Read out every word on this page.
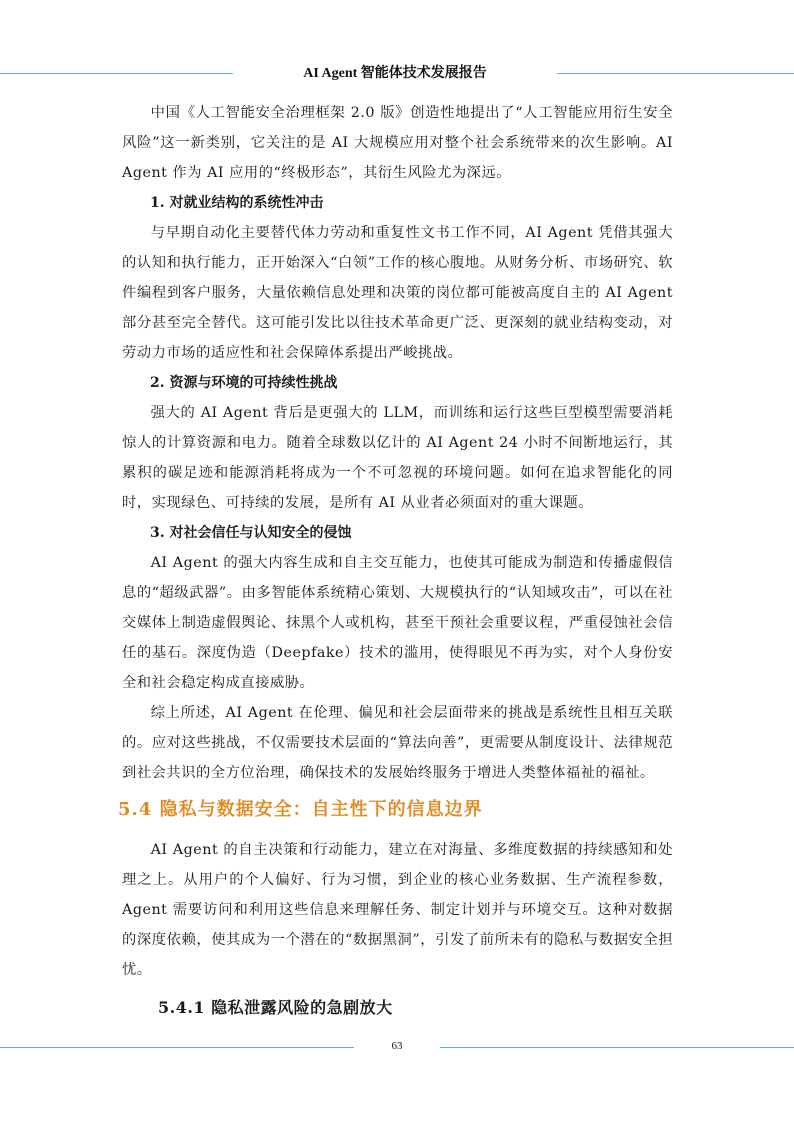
AI Agent 智能体技术发展报告

中国《人工智能安全治理框架 2.0 版》创造性地提出了“人工智能应用衍生安全风险”这一新类别，它关注的是 AI 大规模应用对整个社会系统带来的次生影响。AI Agent 作为 AI 应用的“终极形态”，其衍生风险尤为深远。

1. 对就业结构的系统性冲击

与早期自动化主要替代体力劳动和重复性文书工作不同，AI Agent 凭借其强大的认知和执行能力，正开始深入“白领”工作的核心腹地。从财务分析、市场研究、软件编程到客户服务，大量依赖信息处理和决策的岗位都可能被高度自主的 AI Agent 部分甚至完全替代。这可能引发比以往技术革命更广泛、更深刻的就业结构变动，对劳动力市场的适应性和社会保障体系提出严峻挑战。

2. 资源与环境的可持续性挑战

强大的 AI Agent 背后是更强大的 LLM，而训练和运行这些巨型模型需要消耗惊人的计算资源和电力。随着全球数以亿计的 AI Agent 24 小时不间断地运行，其累积的碳足迹和能源消耗将成为一个不可忽视的环境问题。如何在追求智能化的同时，实现绿色、可持续的发展，是所有 AI 从业者必须面对的重大课题。

3. 对社会信任与认知安全的侵蚀

AI Agent 的强大内容生成和自主交互能力，也使其可能成为制造和传播虚假信息的“超级武器”。由多智能体系统精心策划、大规模执行的“认知域攻击”，可以在社交媒体上制造虚假舆论、抹黑个人或机构，甚至干预社会重要议程，严重侵蚀社会信任的基石。深度伪造（Deepfake）技术的滥用，使得眼见不再为实，对个人身份安全和社会稳定构成直接威胁。

综上所述，AI Agent 在伦理、偏见和社会层面带来的挑战是系统性且相互关联的。应对这些挑战，不仅需要技术层面的“算法向善”，更需要从制度设计、法律规范到社会共识的全方位治理，确保技术的发展始终服务于增进人类整体福祉的福祉。

5.4 隐私与数据安全：自主性下的信息边界

AI Agent 的自主决策和行动能力，建立在对海量、多维度数据的持续感知和处理之上。从用户的个人偏好、行为习惯，到企业的核心业务数据、生产流程参数，Agent 需要访问和利用这些信息来理解任务、制定计划并与环境交互。这种对数据的深度依赖，使其成为一个潜在的“数据黑洞”，引发了前所未有的隐私与数据安全担忧。

5.4.1 隐私泄露风险的急剧放大
63
